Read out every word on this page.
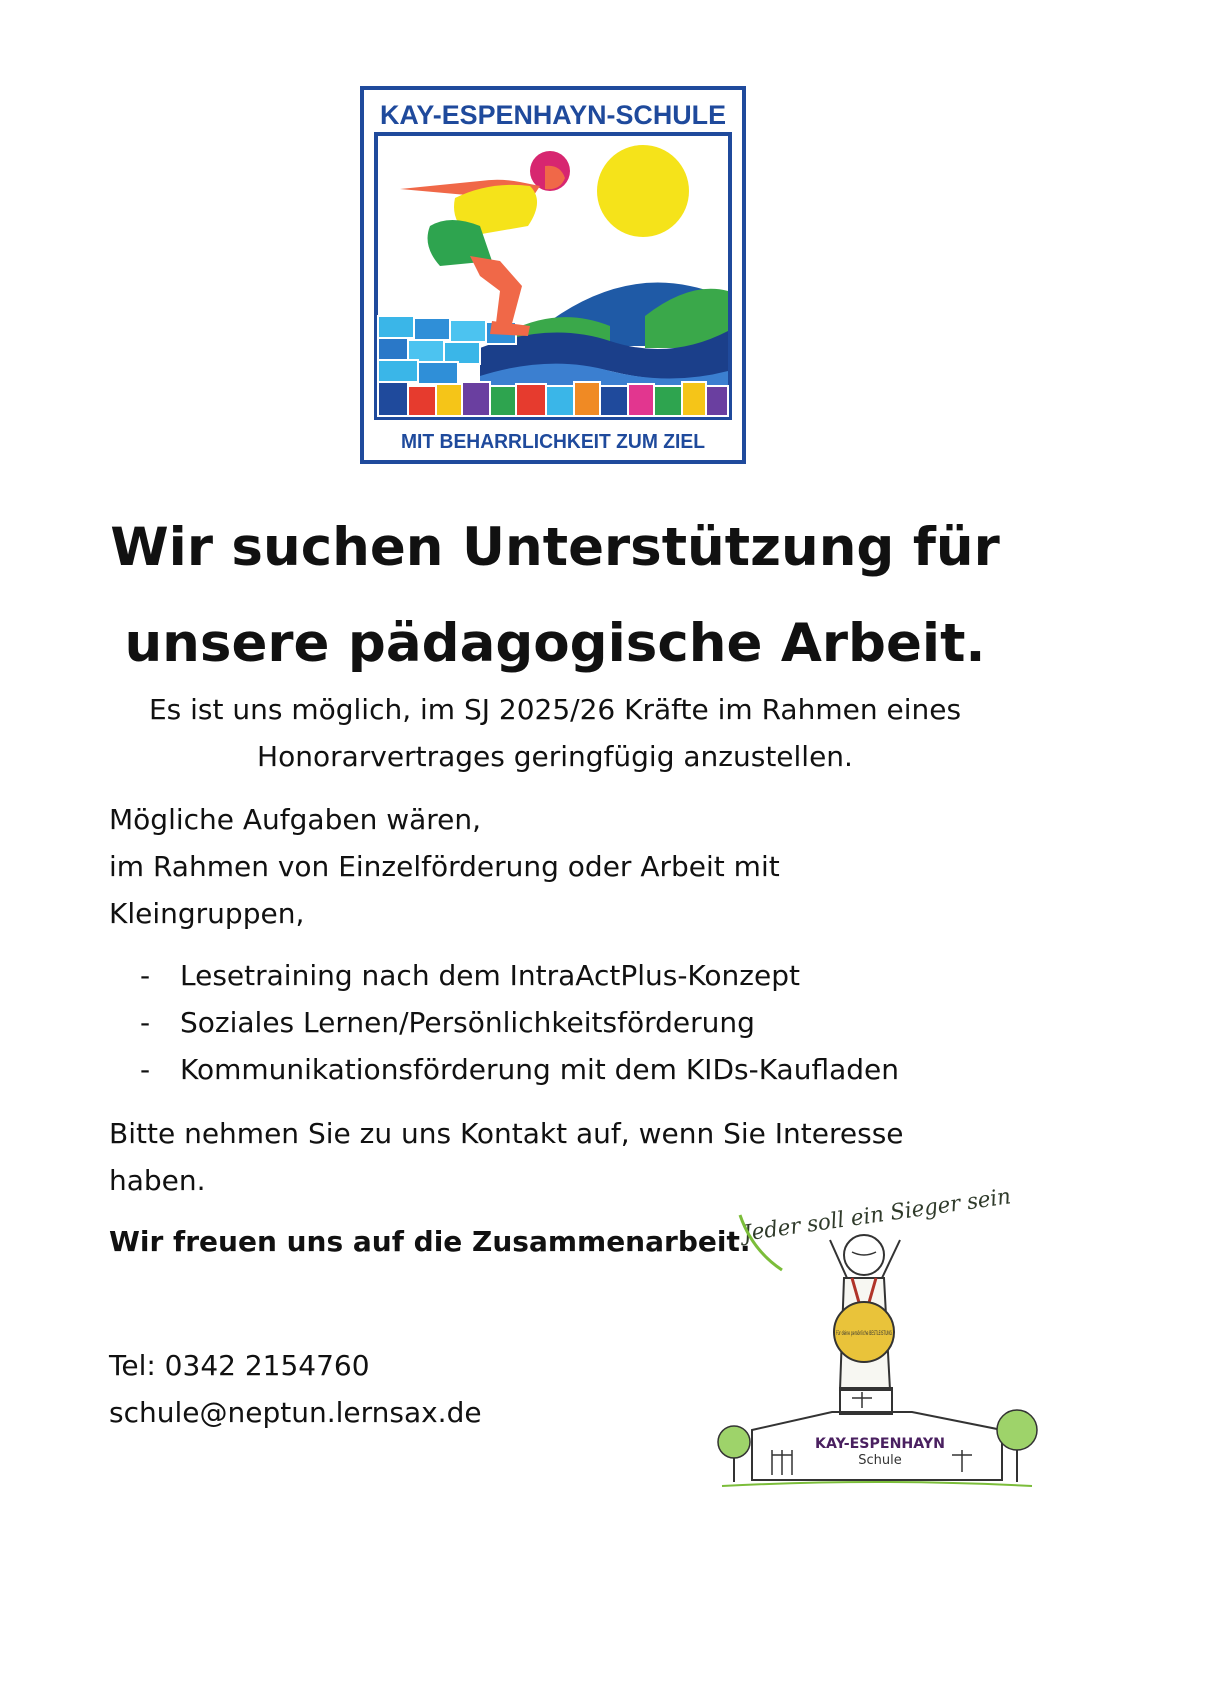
KAY-ESPENHAYN-SCHULE
MIT BEHARRLICHKEIT ZUM ZIEL
Wir suchen Unterstützung für
unsere pädagogische Arbeit.

Es ist uns möglich, im SJ 2025/26 Kräfte im Rahmen eines
Honorarvertrages geringfügig anzustellen.

Mögliche Aufgaben wären,
im Rahmen von Einzelförderung oder Arbeit mit
Kleingruppen,

- Lesetraining nach dem IntraActPlus-Konzept
- Soziales Lernen/Persönlichkeitsförderung
- Kommunikationsförderung mit dem KIDs-Kaufladen

Bitte nehmen Sie zu uns Kontakt auf, wenn Sie Interesse
haben.

Wir freuen uns auf die Zusammenarbeit.

Tel: 0342 2154760
schule@neptun.lernsax.de

Jeder soll ein Sieger sein
Für deine persönliche BESTLEISTUNG
KAY-ESPENHAYN
Schule
